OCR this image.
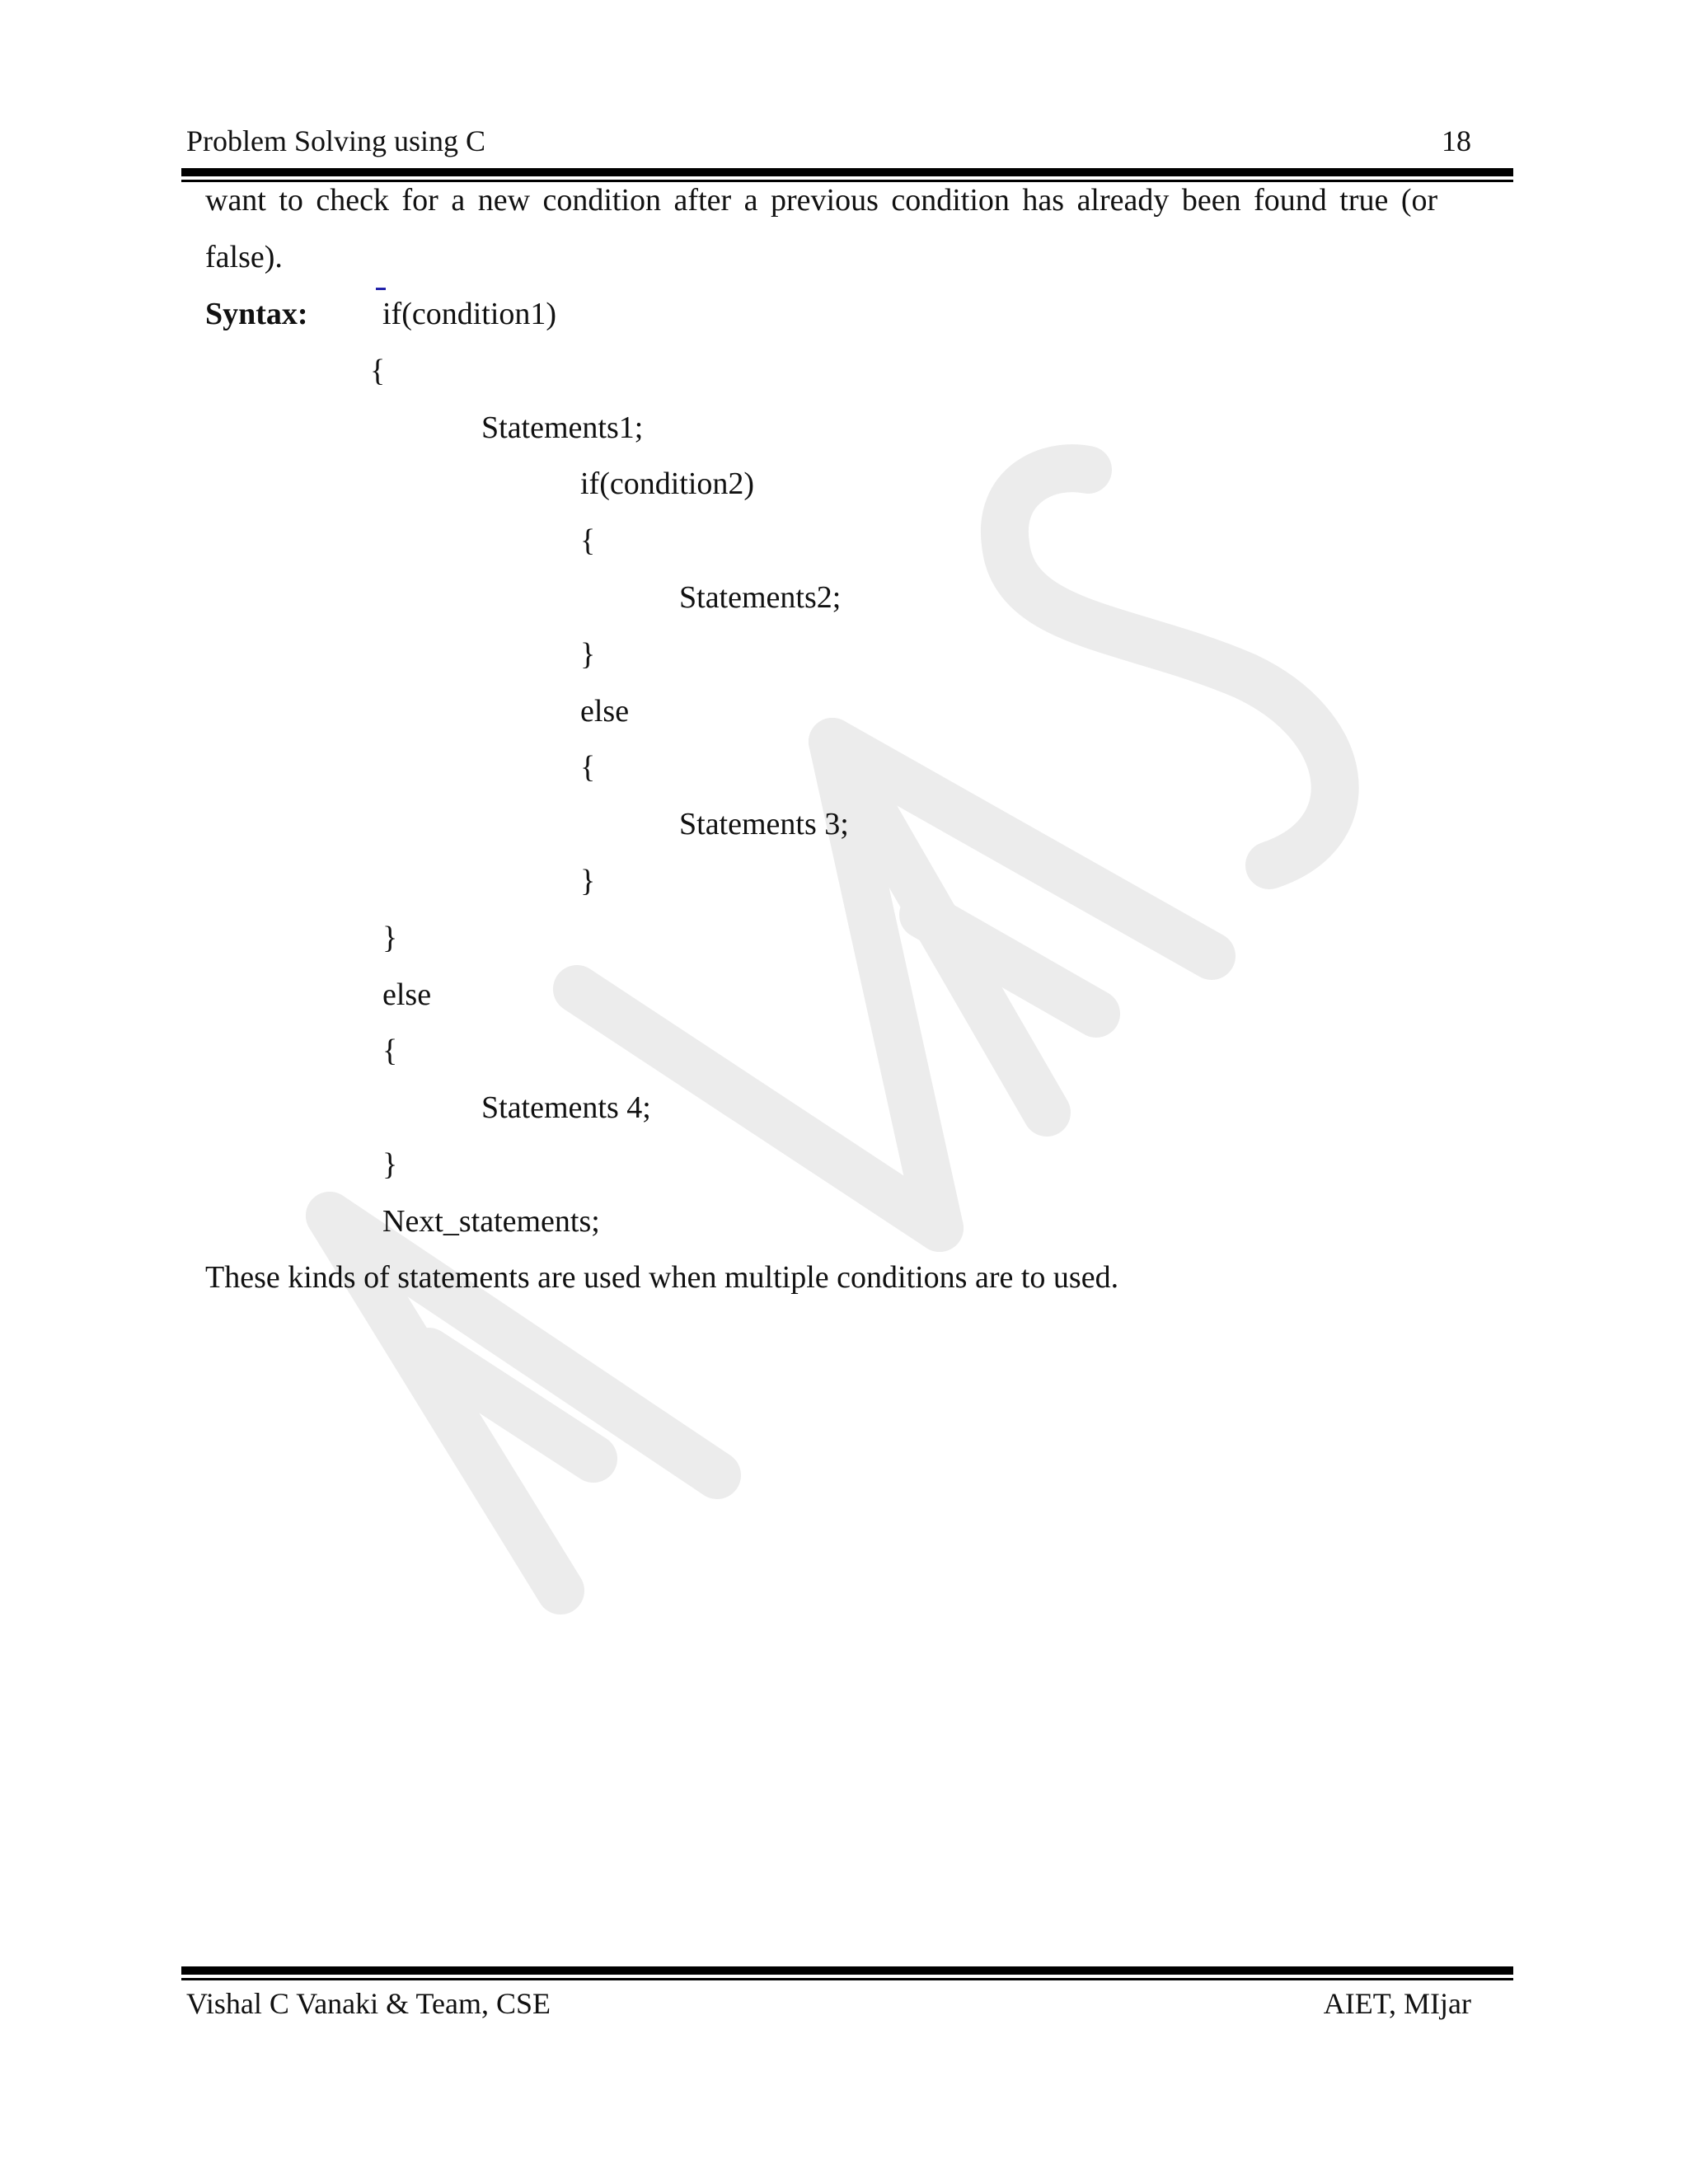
Problem Solving using C	18
want to check for a new condition after a previous condition has already been found true (or
false).
Syntax: if(condition1)
{
Statements1;
if(condition2)
{
Statements2;
}
else
{
Statements 3;
}
}
else
{
Statements 4;
}
Next_statements;
These kinds of statements are used when multiple conditions are to used.
Vishal C Vanaki & Team, CSE	AIET, MIjar
